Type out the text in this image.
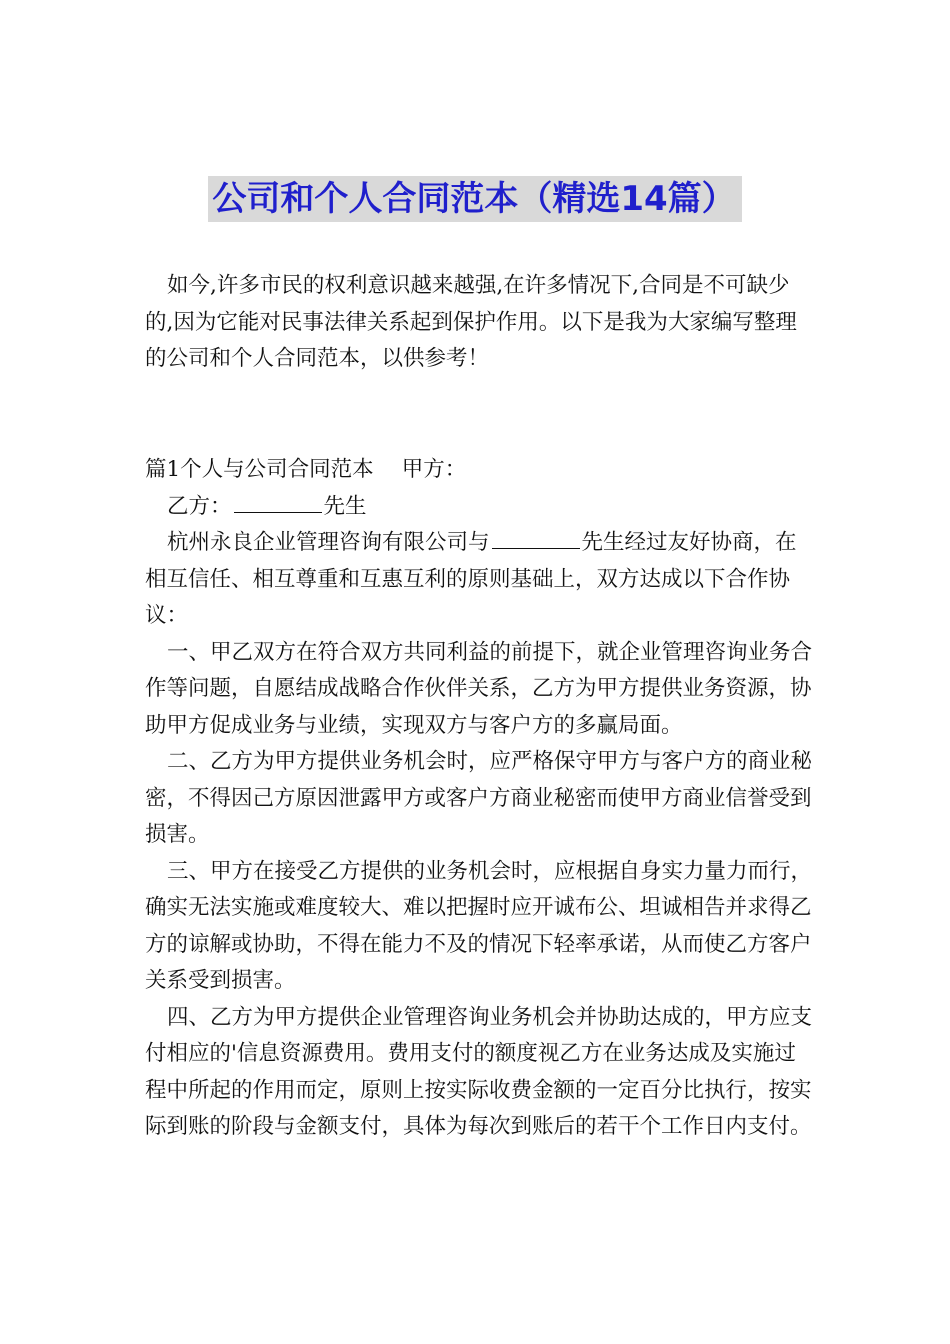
公司和个人合同范本（精选14篇）

如今,许多市民的权利意识越来越强,在许多情况下,合同是不可缺少的,因为它能对民事法律关系起到保护作用。以下是我为大家编写整理的公司和个人合同范本，以供参考！

篇1个人与公司合同范本 甲方：

乙方：	先生

杭州永良企业管理咨询有限公司与	先生经过友好协商，在相互信任、相互尊重和互惠互利的原则基础上，双方达成以下合作协议：

一、甲乙双方在符合双方共同利益的前提下，就企业管理咨询业务合作等问题，自愿结成战略合作伙伴关系，乙方为甲方提供业务资源，协助甲方促成业务与业绩，实现双方与客户方的多赢局面。

二、乙方为甲方提供业务机会时，应严格保守甲方与客户方的商业秘密，不得因己方原因泄露甲方或客户方商业秘密而使甲方商业信誉受到损害。

三、甲方在接受乙方提供的业务机会时，应根据自身实力量力而行，确实无法实施或难度较大、难以把握时应开诚布公、坦诚相告并求得乙方的谅解或协助，不得在能力不及的情况下轻率承诺，从而使乙方客户关系受到损害。

四、乙方为甲方提供企业管理咨询业务机会并协助达成的，甲方应支付相应的'信息资源费用。费用支付的额度视乙方在业务达成及实施过程中所起的作用而定，原则上按实际收费金额的一定百分比执行，按实际到账的阶段与金额支付，具体为每次到账后的若干个工作日内支付。
